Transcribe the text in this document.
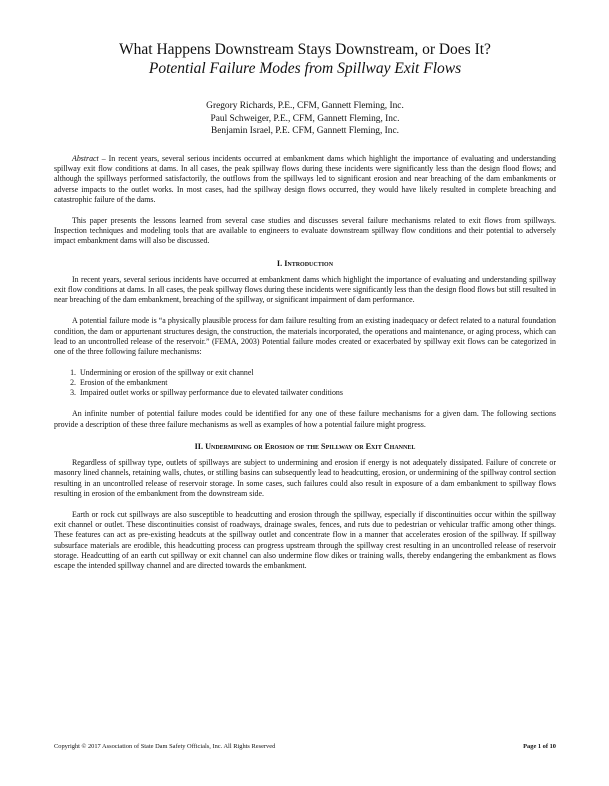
What Happens Downstream Stays Downstream, or Does It?
Potential Failure Modes from Spillway Exit Flows
Gregory Richards, P.E., CFM, Gannett Fleming, Inc.
Paul Schweiger, P.E., CFM, Gannett Fleming, Inc.
Benjamin Israel, P.E. CFM, Gannett Fleming, Inc.

Abstract – In recent years, several serious incidents occurred at embankment dams which highlight the importance of evaluating and understanding spillway exit flow conditions at dams. In all cases, the peak spillway flows during these incidents were significantly less than the design flood flows; and although the spillways performed satisfactorily, the outflows from the spillways led to significant erosion and near breaching of the dam embankments or adverse impacts to the outlet works. In most cases, had the spillway design flows occurred, they would have likely resulted in complete breaching and catastrophic failure of the dams.

This paper presents the lessons learned from several case studies and discusses several failure mechanisms related to exit flows from spillways. Inspection techniques and modeling tools that are available to engineers to evaluate downstream spillway flow conditions and their potential to adversely impact embankment dams will also be discussed.

I. Introduction

In recent years, several serious incidents have occurred at embankment dams which highlight the importance of evaluating and understanding spillway exit flow conditions at dams. In all cases, the peak spillway flows during these incidents were significantly less than the design flood flows but still resulted in near breaching of the dam embankment, breaching of the spillway, or significant impairment of dam performance.

A potential failure mode is “a physically plausible process for dam failure resulting from an existing inadequacy or defect related to a natural foundation condition, the dam or appurtenant structures design, the construction, the materials incorporated, the operations and maintenance, or aging process, which can lead to an uncontrolled release of the reservoir.” (FEMA, 2003) Potential failure modes created or exacerbated by spillway exit flows can be categorized in one of the three following failure mechanisms:

1. Undermining or erosion of the spillway or exit channel
2. Erosion of the embankment
3. Impaired outlet works or spillway performance due to elevated tailwater conditions

An infinite number of potential failure modes could be identified for any one of these failure mechanisms for a given dam. The following sections provide a description of these three failure mechanisms as well as examples of how a potential failure might progress.

II. Undermining or Erosion of the Spillway or Exit Channel

Regardless of spillway type, outlets of spillways are subject to undermining and erosion if energy is not adequately dissipated. Failure of concrete or masonry lined channels, retaining walls, chutes, or stilling basins can subsequently lead to headcutting, erosion, or undermining of the spillway control section resulting in an uncontrolled release of reservoir storage. In some cases, such failures could also result in exposure of a dam embankment to spillway flows resulting in erosion of the embankment from the downstream side.

Earth or rock cut spillways are also susceptible to headcutting and erosion through the spillway, especially if discontinuities occur within the spillway exit channel or outlet. These discontinuities consist of roadways, drainage swales, fences, and ruts due to pedestrian or vehicular traffic among other things. These features can act as pre-existing headcuts at the spillway outlet and concentrate flow in a manner that accelerates erosion of the spillway. If spillway subsurface materials are erodible, this headcutting process can progress upstream through the spillway crest resulting in an uncontrolled release of reservoir storage. Headcutting of an earth cut spillway or exit channel can also undermine flow dikes or training walls, thereby endangering the embankment as flows escape the intended spillway channel and are directed towards the embankment.

Copyright © 2017 Association of State Dam Safety Officials, Inc. All Rights Reserved	Page 1 of 10
